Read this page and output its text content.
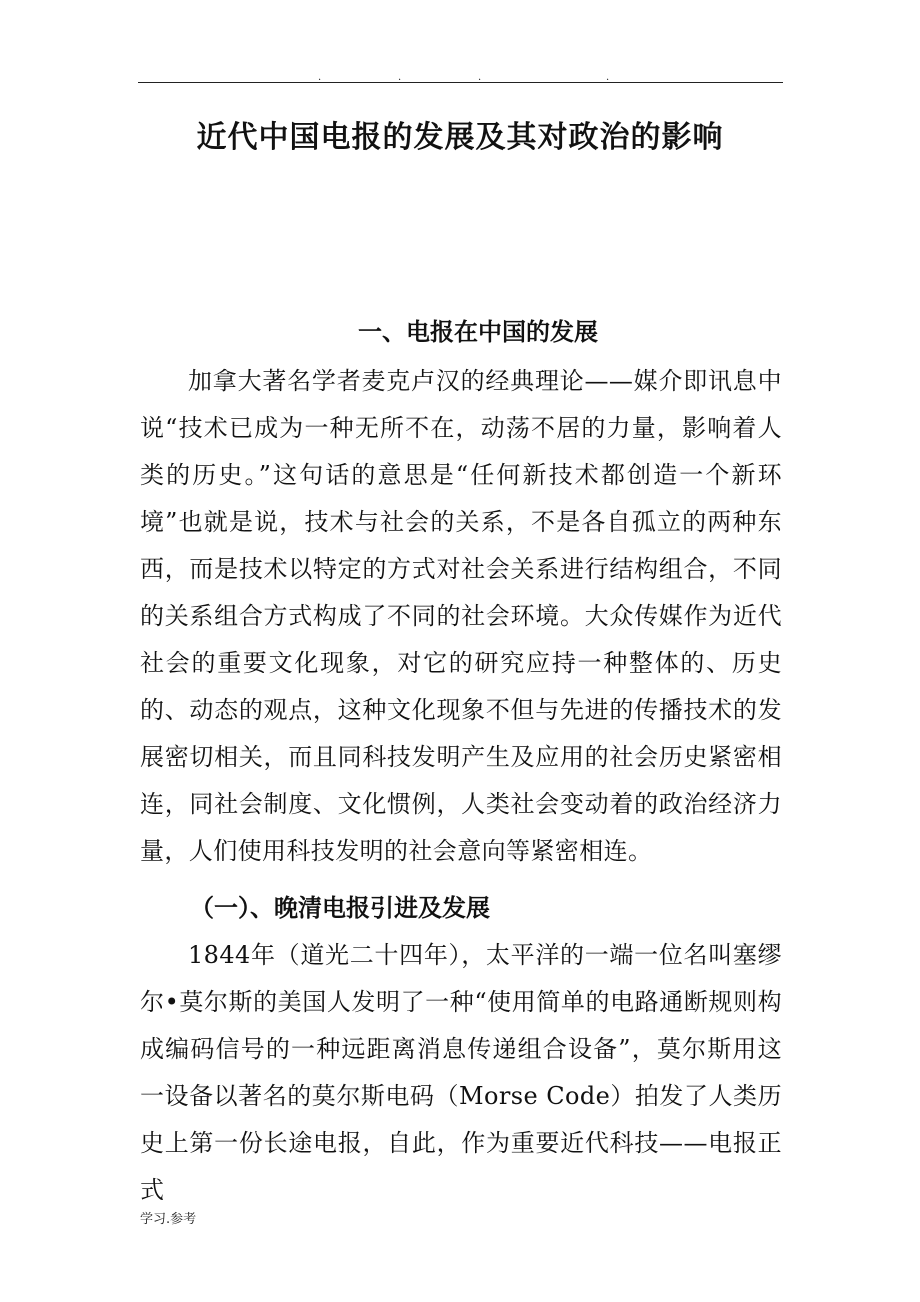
.	.	.	.
近代中国电报的发展及其对政治的影响
一、电报在中国的发展

加拿大著名学者麦克卢汉的经典理论——媒介即讯息中说“技术已成为一种无所不在，动荡不居的力量，影响着人类的历史。”这句话的意思是“任何新技术都创造一个新环境”也就是说，技术与社会的关系，不是各自孤立的两种东西，而是技术以特定的方式对社会关系进行结构组合，不同的关系组合方式构成了不同的社会环境。大众传媒作为近代社会的重要文化现象，对它的研究应持一种整体的、历史的、动态的观点，这种文化现象不但与先进的传播技术的发展密切相关，而且同科技发明产生及应用的社会历史紧密相连，同社会制度、文化惯例，人类社会变动着的政治经济力量，人们使用科技发明的社会意向等紧密相连。

（一）、晚清电报引进及发展

1844年（道光二十四年），太平洋的一端一位名叫塞缪尔•莫尔斯的美国人发明了一种“使用简单的电路通断规则构成编码信号的一种远距离消息传递组合设备”，莫尔斯用这一设备以著名的莫尔斯电码（Morse Code）拍发了人类历史上第一份长途电报，自此，作为重要近代科技——电报正式

学习.参考
